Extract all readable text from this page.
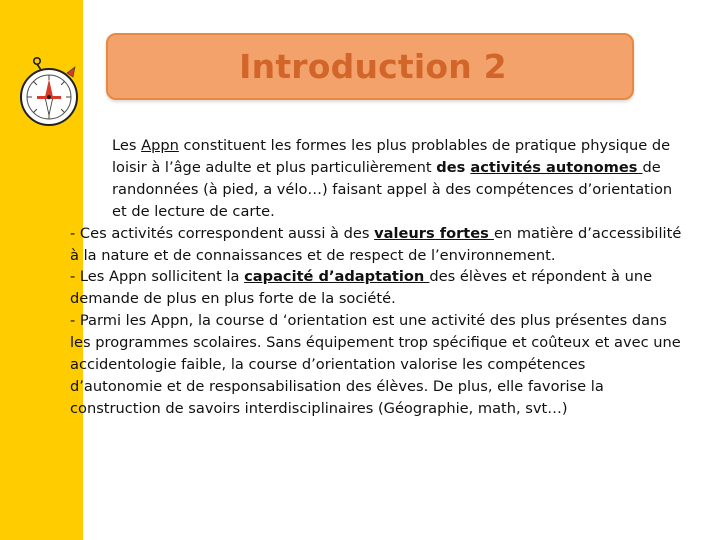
Introduction 2

Les Appn constituent les formes les plus problables de pratique physique de loisir à l’âge adulte et plus particulièrement des activités autonomes de randonnées (à pied, a vélo…) faisant appel à des compétences d’orientation et de lecture de carte.

- Ces activités correspondent aussi à des valeurs fortes en matière d’accessibilité à la nature et de connaissances et de respect de l’environnement.

- Les Appn sollicitent la capacité d’adaptation des élèves et répondent à une demande de plus en plus forte de la société.

- Parmi les Appn, la course d ‘orientation est une activité des plus présentes dans les programmes scolaires. Sans équipement trop spécifique et coûteux et avec une accidentologie faible, la course d’orientation valorise les compétences d’autonomie et de responsabilisation des élèves. De plus, elle favorise la construction de savoirs interdisciplinaires (Géographie, math, svt…)
